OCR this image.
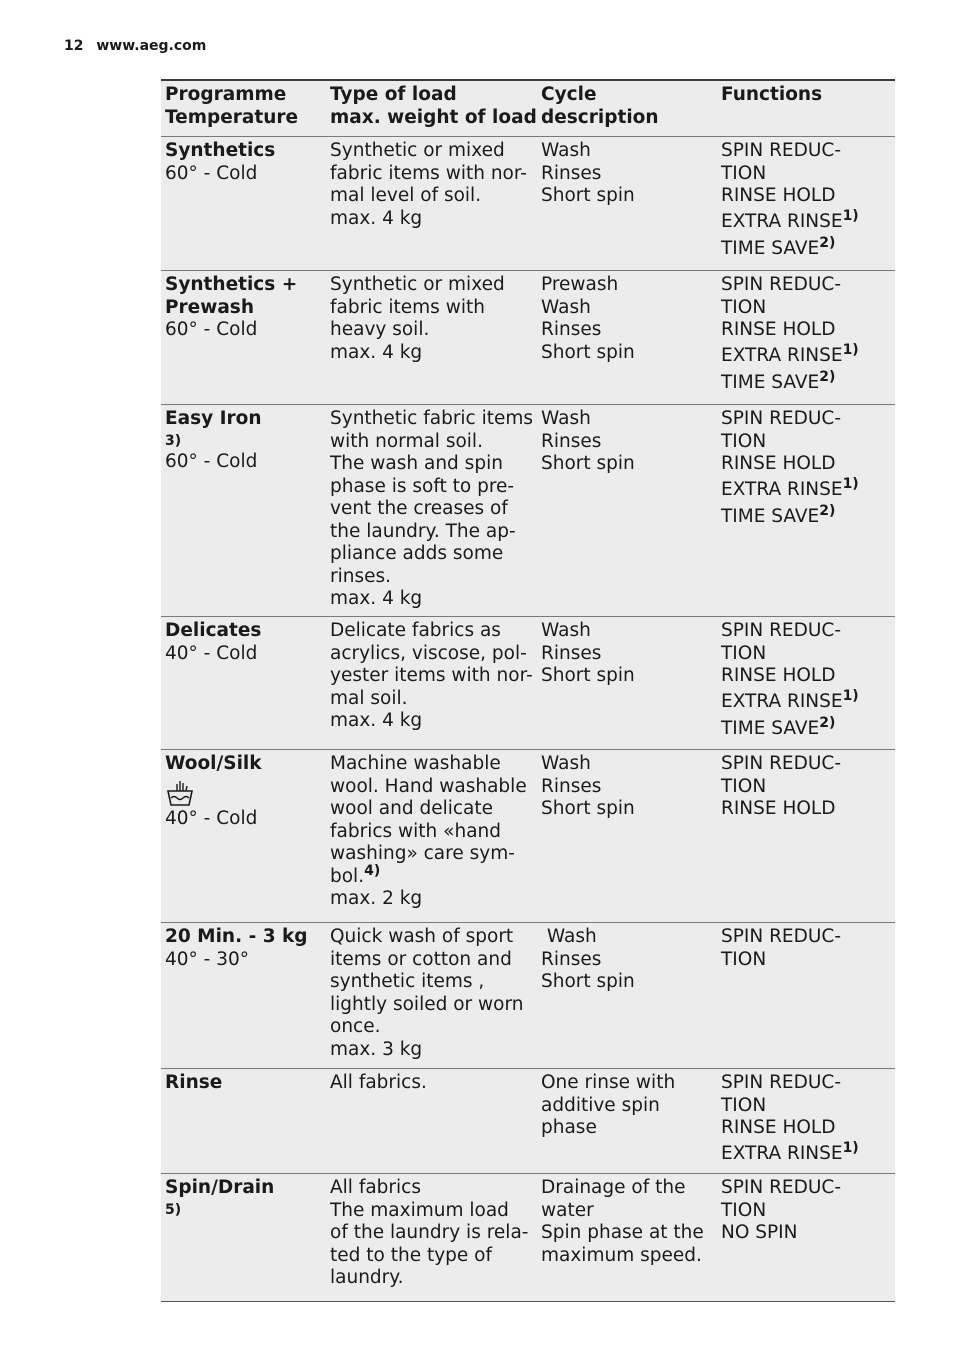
12 www.aeg.com
Programme
Temperature
Type of load
max. weight of load
Cycle
description
Functions
Synthetics
60° - Cold
Synthetic or mixed
fabric items with nor-
mal level of soil.
max. 4 kg
Wash
Rinses
Short spin
SPIN REDUC-
TION
RINSE HOLD
EXTRA RINSE$^{1)}$
TIME SAVE$^{2)}$
Synthetics +
Prewash
60° - Cold
Synthetic or mixed
fabric items with
heavy soil.
max. 4 kg
Prewash
Wash
Rinses
Short spin
SPIN REDUC-
TION
RINSE HOLD
EXTRA RINSE$^{1)}$
TIME SAVE$^{2)}$
Easy Iron
3)
60° - Cold
Synthetic fabric items
with normal soil.
The wash and spin
phase is soft to pre-
vent the creases of
the laundry. The ap-
pliance adds some
rinses.
max. 4 kg
Wash
Rinses
Short spin
SPIN REDUC-
TION
RINSE HOLD
EXTRA RINSE$^{1)}$
TIME SAVE$^{2)}$
Delicates
40° - Cold
Delicate fabrics as
acrylics, viscose, pol-
yester items with nor-
mal soil.
max. 4 kg
Wash
Rinses
Short spin
SPIN REDUC-
TION
RINSE HOLD
EXTRA RINSE$^{1)}$
TIME SAVE$^{2)}$
Wool/Silk
40° - Cold
Machine washable
wool. Hand washable
wool and delicate
fabrics with «hand
washing» care sym-
bol.$^{4)}$
max. 2 kg
Wash
Rinses
Short spin
SPIN REDUC-
TION
RINSE HOLD
20 Min. - 3 kg
40° - 30°
Quick wash of sport
items or cotton and
synthetic items ,
lightly soiled or worn
once.
max. 3 kg
Wash
Rinses
Short spin
SPIN REDUC-
TION
Rinse	All fabrics.	One rinse with
additive spin
phase
SPIN REDUC-
TION
RINSE HOLD
EXTRA RINSE$^{1)}$
Spin/Drain
5)
All fabrics
The maximum load
of the laundry is rela-
ted to the type of
laundry.
Drainage of the
water
Spin phase at the
maximum speed.
SPIN REDUC-
TION
NO SPIN
